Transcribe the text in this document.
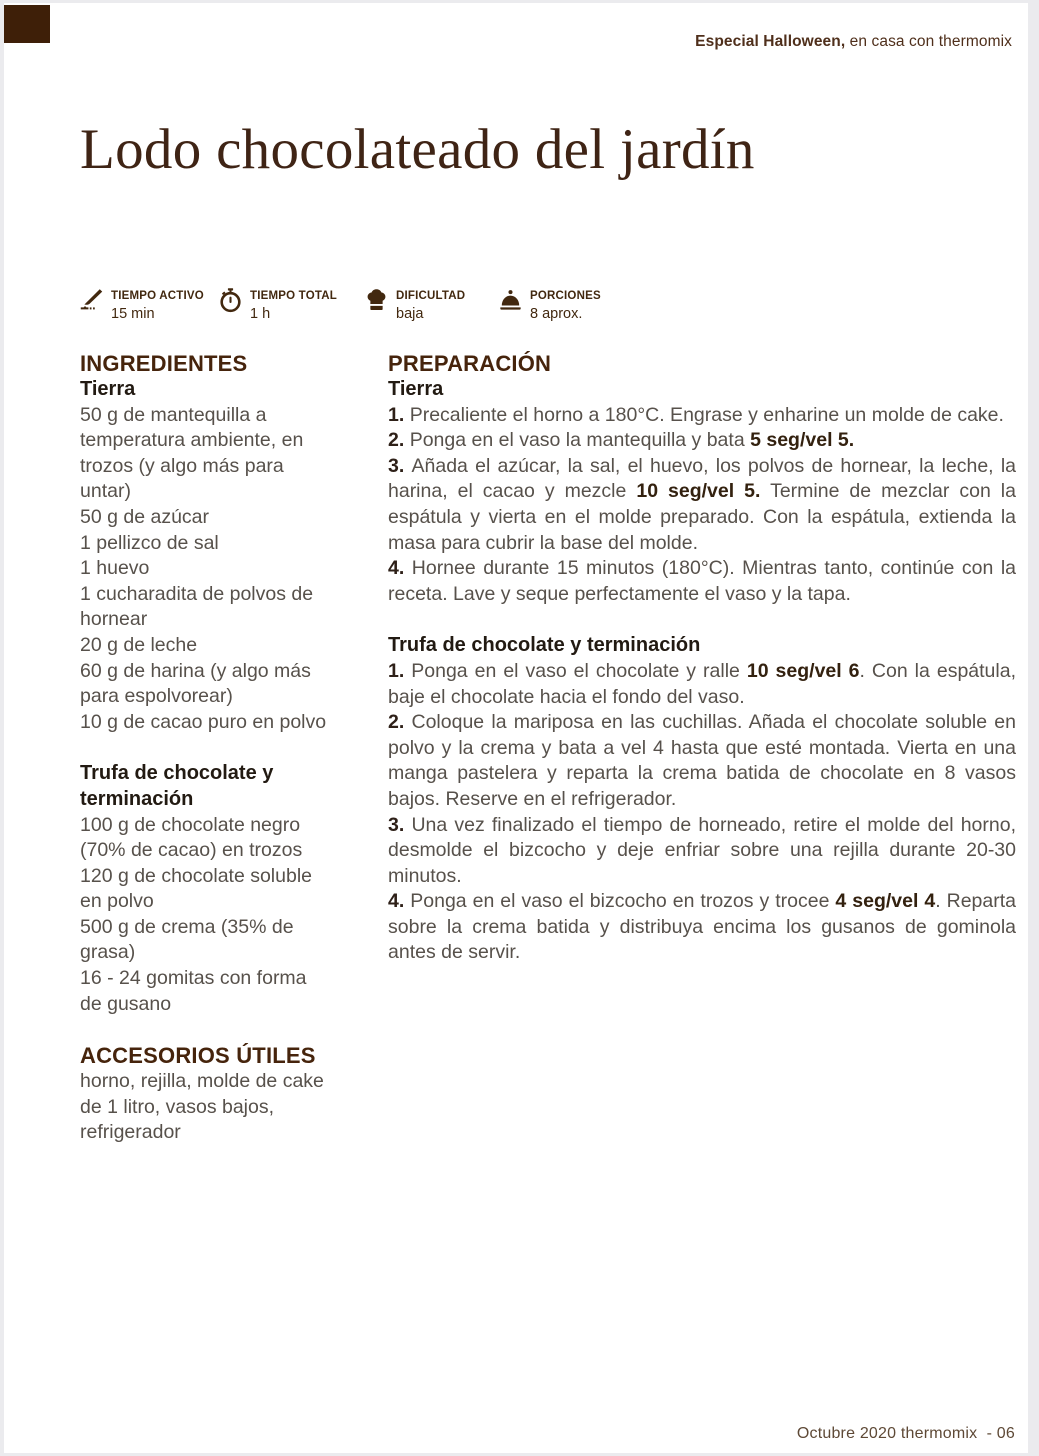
Especial Halloween, en casa con thermomix
Lodo chocolateado del jardín
TIEMPO ACTIVO
15 min
TIEMPO TOTAL
1 h
DIFICULTAD
baja
PORCIONES
8 aprox.
INGREDIENTES
Tierra

50 g de mantequilla a temperatura ambiente, en trozos (y algo más para untar)

50 g de azúcar

1 pellizco de sal

1 huevo

1 cucharadita de polvos de hornear

20 g de leche

60 g de harina (y algo más para espolvorear)

10 g de cacao puro en polvo

Trufa de chocolate y terminación

100 g de chocolate negro (70% de cacao) en trozos

120 g de chocolate soluble en polvo

500 g de crema (35% de grasa)

16 - 24 gomitas con forma de gusano

ACCESORIOS ÚTILES

horno, rejilla, molde de cake de 1 litro, vasos bajos, refrigerador

PREPARACIÓN
Tierra

1. Precaliente el horno a 180°C. Engrase y enharine un molde de cake.

2. Ponga en el vaso la mantequilla y bata 5 seg/vel 5.

3. Añada el azúcar, la sal, el huevo, los polvos de hornear, la leche, la harina, el cacao y mezcle 10 seg/vel 5. Termine de mezclar con la espátula y vierta en el molde preparado. Con la espátula, extienda la masa para cubrir la base del molde.

4. Hornee durante 15 minutos (180°C). Mientras tanto, continúe con la receta. Lave y seque perfectamente el vaso y la tapa.

Trufa de chocolate y terminación

1. Ponga en el vaso el chocolate y ralle 10 seg/vel 6. Con la espátula, baje el chocolate hacia el fondo del vaso.

2. Coloque la mariposa en las cuchillas. Añada el chocolate soluble en polvo y la crema y bata a vel 4 hasta que esté montada. Vierta en una manga pastelera y reparta la crema batida de chocolate en 8 vasos bajos. Reserve en el refrigerador.

3. Una vez finalizado el tiempo de horneado, retire el molde del horno, desmolde el bizcocho y deje enfriar sobre una rejilla durante 20-30 minutos.

4. Ponga en el vaso el bizcocho en trozos y trocee 4 seg/vel 4. Reparta sobre la crema batida y distribuya encima los gusanos de gominola antes de servir.

Octubre 2020 thermomix  - 06
